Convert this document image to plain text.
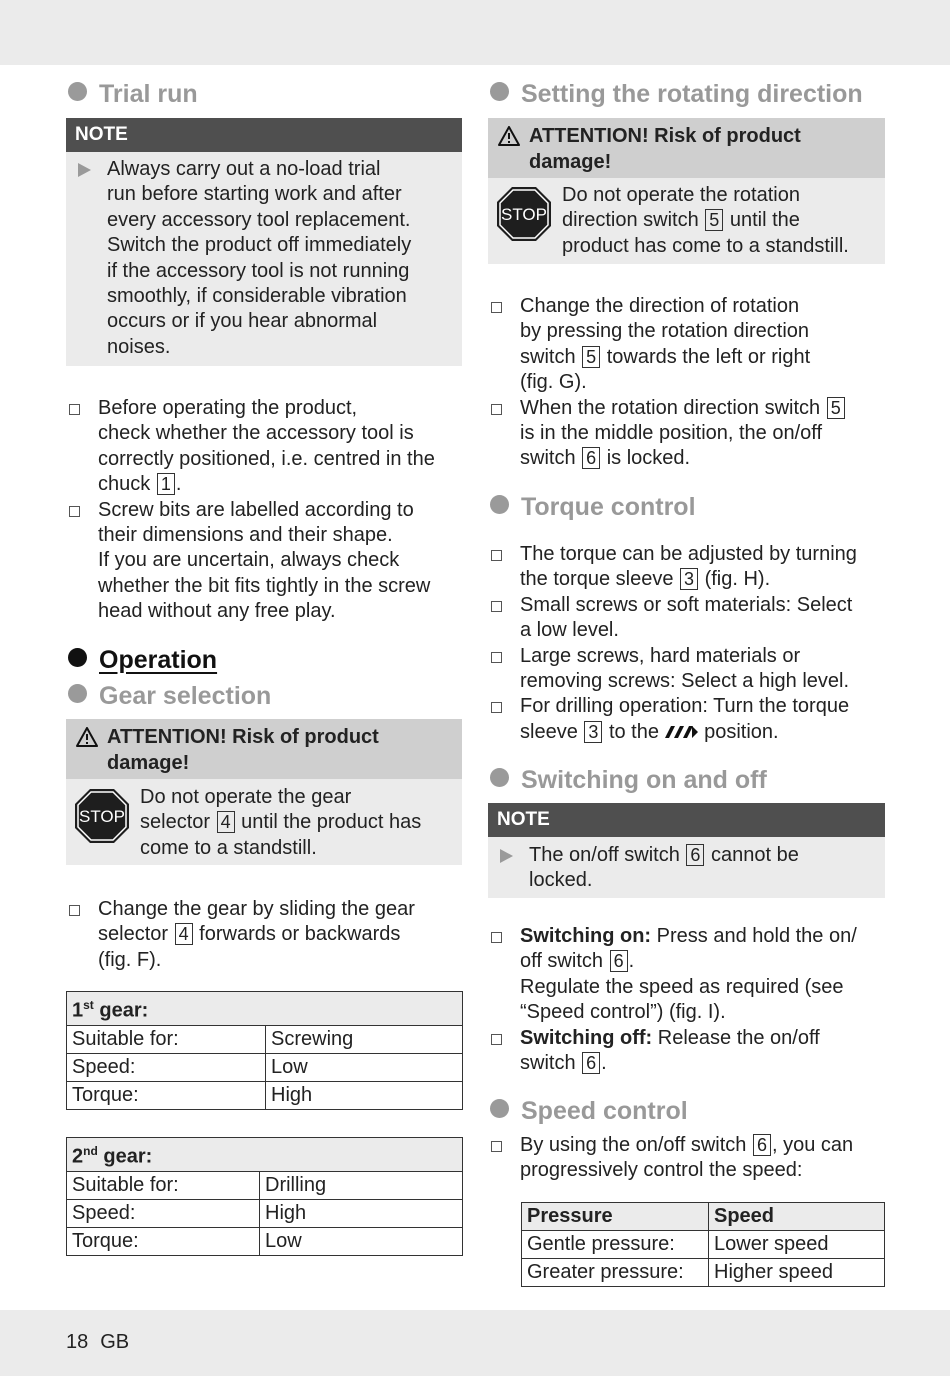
Trial run
NOTE
Always carry out a no-load trial
run before starting work and after
every accessory tool replacement.
Switch the product off immediately
if the accessory tool is not running
smoothly, if considerable vibration
occurs or if you hear abnormal
noises.
Before operating the product,
check whether the accessory tool is
correctly positioned, i.e. centred in the
chuck 1 .
Screw bits are labelled according to
their dimensions and their shape.
If you are uncertain, always check
whether the bit fits tightly in the screw
head without any free play.
Operation
Gear selection
ATTENTION! Risk of product
damage!
STOP
Do not operate the gear
selector 4 until the product has
come to a standstill.
Change the gear by sliding the gear
selector 4 forwards or backwards
(fig. F).
1st gear:	
Suitable for:	Screwing
Speed:	Low
Torque:	High
2nd gear:	
Suitable for:	Drilling
Speed:	High
Torque:	Low
Setting the rotating direction
ATTENTION! Risk of product
damage!
STOP
Do not operate the rotation
direction switch 5 until the
product has come to a standstill.
Change the direction of rotation
by pressing the rotation direction
switch 5 towards the left or right
(fig. G).
When the rotation direction switch 5
is in the middle position, the on/off
switch 6 is locked.
Torque control
The torque can be adjusted by turning
the torque sleeve 3 (fig. H).
Small screws or soft materials: Select
a low level.
Large screws, hard materials or
removing screws: Select a high level.
For drilling operation: Turn the torque
sleeve 3 to the  position.
Switching on and off
NOTE
The on/off switch 6 cannot be
locked.
Switching on: Press and hold the on/
off switch 6 .
Regulate the speed as required (see
“Speed control”) (fig. I).
Switching off: Release the on/off
switch 6 .
Speed control
By using the on/off switch 6 , you can
progressively control the speed:
Pressure	Speed
Gentle pressure:	Lower speed
Greater pressure:	Higher speed
18 GB
